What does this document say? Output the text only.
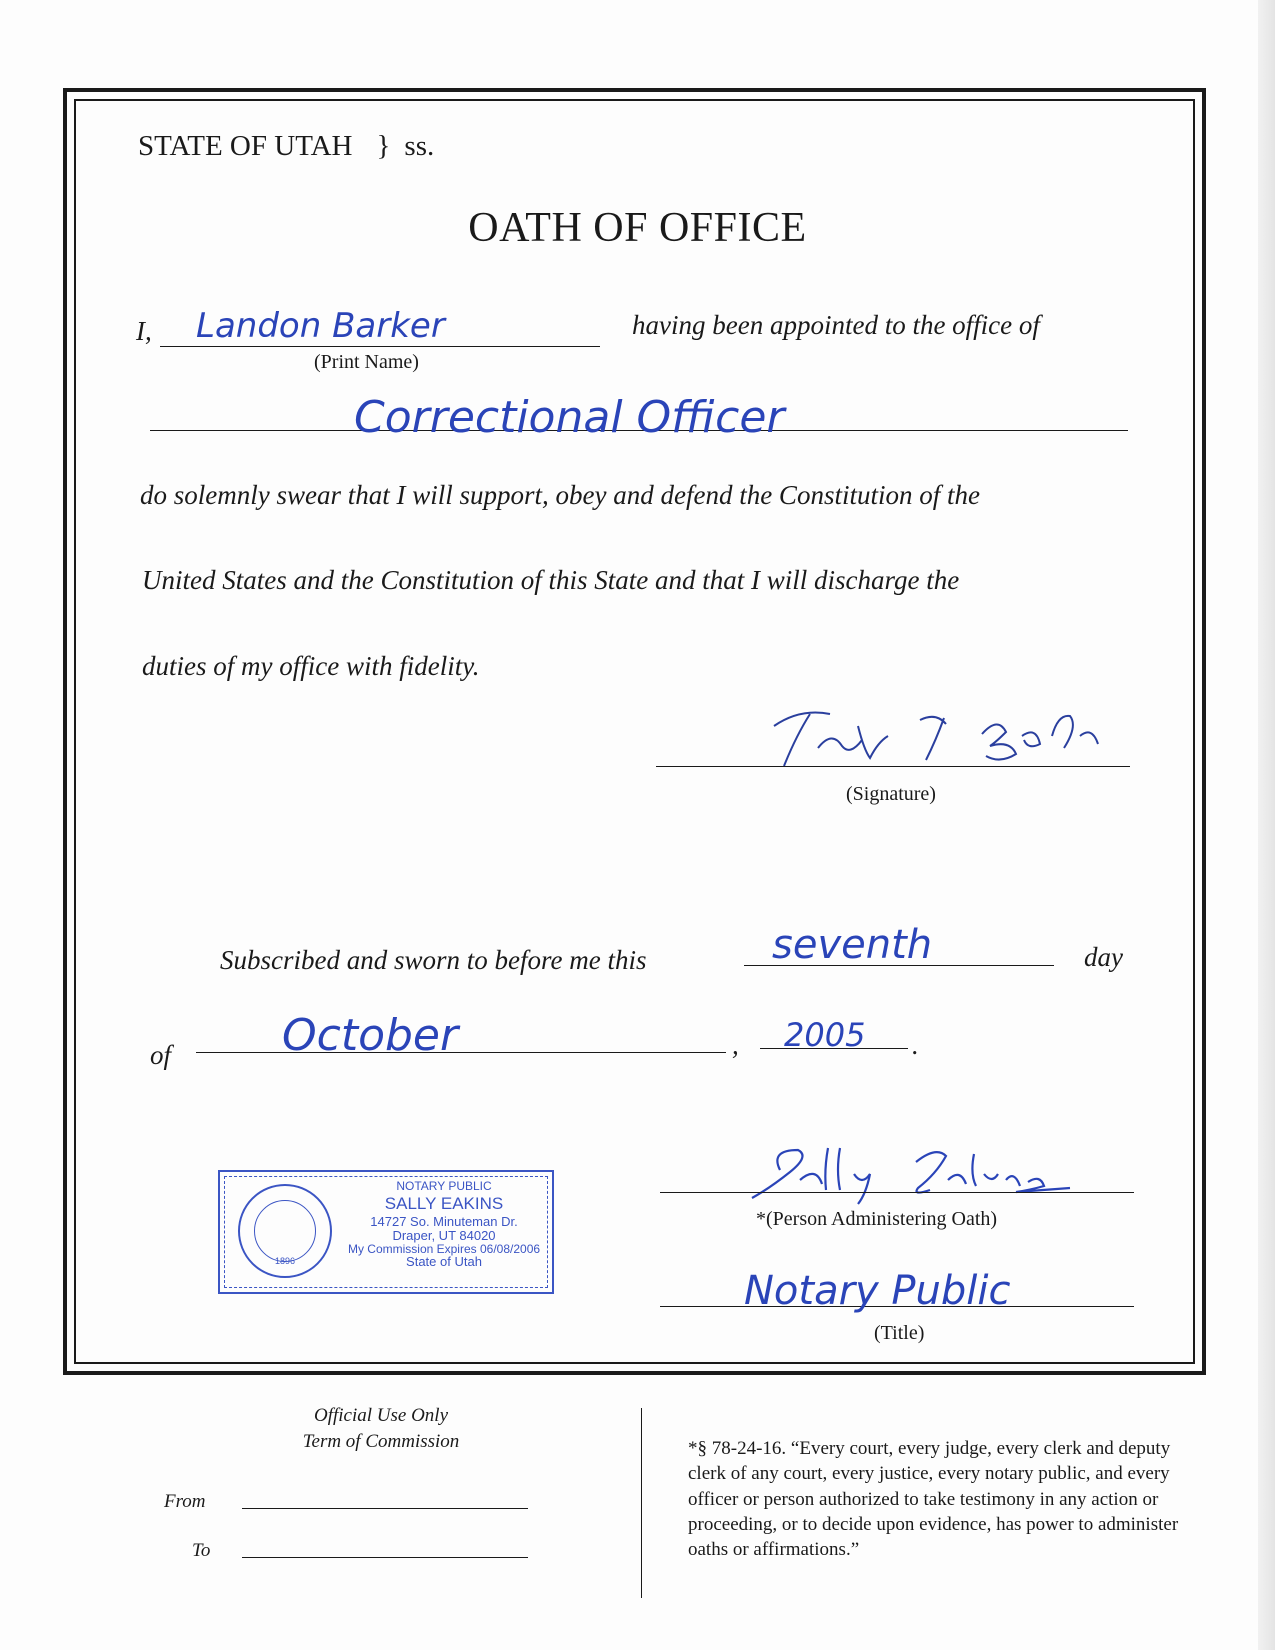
STATE OF UTAH } ss.
OATH OF OFFICE
I, Landon Barker	having been appointed to the office of
(Print Name)
Correctional Officer
do solemnly swear that I will support, obey and defend the Constitution of the
United States and the Constitution of this State and that I will discharge the
duties of my office with fidelity.
(Signature)
Subscribed and sworn to before me this	seventh	day
of	October	, 2005 .
1896
NOTARY PUBLIC
SALLY EAKINS
14727 So. Minuteman Dr.
Draper, UT 84020
My Commission Expires 06/08/2006
State of Utah
*(Person Administering Oath)
Notary Public
(Title)
Official Use Only
Term of Commission
From
To
*§ 78-24-16. “Every court, every judge, every clerk and deputy clerk of any court, every justice, every notary public, and every officer or person authorized to take testimony in any action or proceeding, or to decide upon evidence, has power to administer oaths or affirmations.”
